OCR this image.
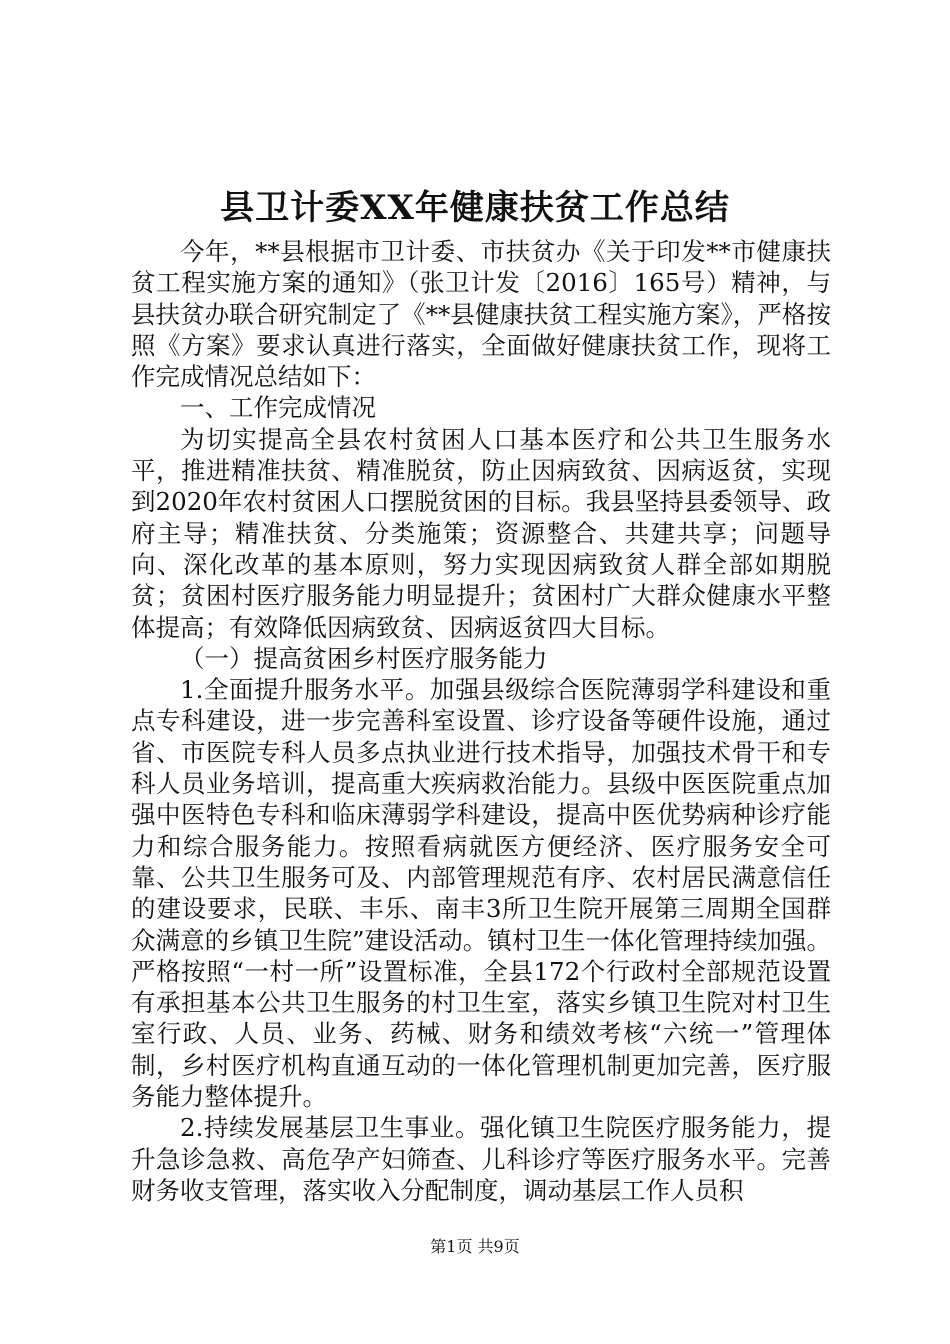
县卫计委XX年健康扶贫工作总结

今年，**县根据市卫计委、市扶贫办《关于印发**市健康扶贫工程实施方案的通知》（张卫计发〔2016〕165号）精神，与县扶贫办联合研究制定了《**县健康扶贫工程实施方案》，严格按照《方案》要求认真进行落实，全面做好健康扶贫工作，现将工作完成情况总结如下：

一、工作完成情况

为切实提高全县农村贫困人口基本医疗和公共卫生服务水平，推进精准扶贫、精准脱贫，防止因病致贫、因病返贫，实现到2020年农村贫困人口摆脱贫困的目标。我县坚持县委领导、政府主导；精准扶贫、分类施策；资源整合、共建共享；问题导向、深化改革的基本原则，努力实现因病致贫人群全部如期脱贫；贫困村医疗服务能力明显提升；贫困村广大群众健康水平整体提高；有效降低因病致贫、因病返贫四大目标。

（一）提高贫困乡村医疗服务能力

1.全面提升服务水平。加强县级综合医院薄弱学科建设和重点专科建设，进一步完善科室设置、诊疗设备等硬件设施，通过省、市医院专科人员多点执业进行技术指导，加强技术骨干和专科人员业务培训，提高重大疾病救治能力。县级中医医院重点加强中医特色专科和临床薄弱学科建设，提高中医优势病种诊疗能力和综合服务能力。按照看病就医方便经济、医疗服务安全可靠、公共卫生服务可及、内部管理规范有序、农村居民满意信任的建设要求，民联、丰乐、南丰3所卫生院开展第三周期全国群众满意的乡镇卫生院”建设活动。镇村卫生一体化管理持续加强。严格按照“一村一所”设置标准，全县172个行政村全部规范设置有承担基本公共卫生服务的村卫生室，落实乡镇卫生院对村卫生室行政、人员、业务、药械、财务和绩效考核“六统一”管理体制，乡村医疗机构直通互动的一体化管理机制更加完善，医疗服务能力整体提升。

2.持续发展基层卫生事业。强化镇卫生院医疗服务能力，提升急诊急救、高危孕产妇筛查、儿科诊疗等医疗服务水平。完善财务收支管理，落实收入分配制度，调动基层工作人员积

第1页 共9页
